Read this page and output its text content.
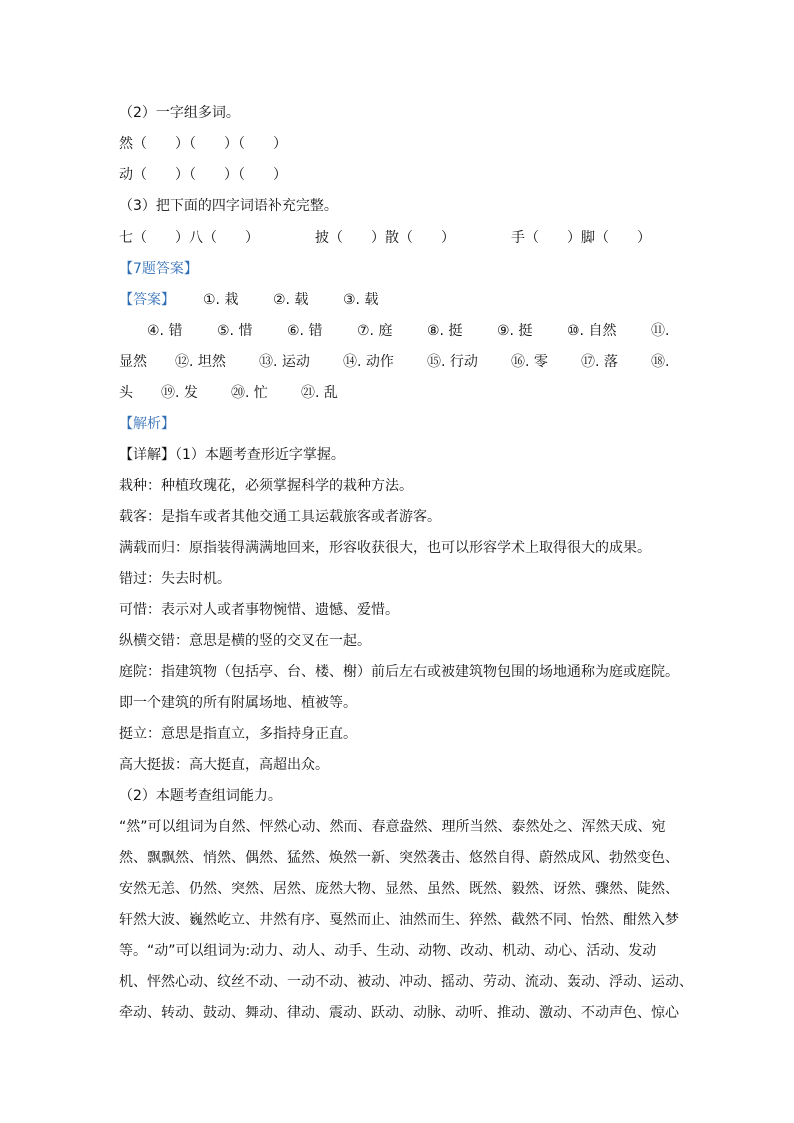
（2）一字组多词。
然（　　）（　　）（　　）
动（　　）（　　）（　　）
（3）把下面的四字词语补充完整。
七（　　）八（　　）	披（　　）散（　　）	手（　　）脚（　　）
【7题答案】
【答案】 ①. 栽 ②. 载 ③. 载
④. 错 ⑤. 惜 ⑥. 错 ⑦. 庭 ⑧. 挺 ⑨. 挺 ⑩. 自然 ⑪.
显然 ⑫. 坦然 ⑬. 运动 ⑭. 动作 ⑮. 行动 ⑯. 零 ⑰. 落 ⑱.
头 ⑲. 发 ⑳. 忙 ㉑. 乱
【解析】
【详解】（1）本题考查形近字掌握。
栽种：种植玫瑰花，必须掌握科学的栽种方法。
载客：是指车或者其他交通工具运载旅客或者游客。
满载而归：原指装得满满地回来，形容收获很大，也可以形容学术上取得很大的成果。
错过：失去时机。
可惜：表示对人或者事物惋惜、遗憾、爱惜。
纵横交错：意思是横的竖的交叉在一起。
庭院：指建筑物（包括亭、台、楼、榭）前后左右或被建筑物包围的场地通称为庭或庭院。
即一个建筑的所有附属场地、植被等。
挺立：意思是指直立，多指持身正直。
高大挺拔：高大挺直，高超出众。
（2）本题考查组词能力。
“然”可以组词为自然、怦然心动、然而、春意盎然、理所当然、泰然处之、浑然天成、宛
然、飘飘然、悄然、偶然、猛然、焕然一新、突然袭击、悠然自得、蔚然成风、勃然变色、
安然无恙、仍然、突然、居然、庞然大物、显然、虽然、既然、毅然、讶然、骤然、陡然、
轩然大波、巍然屹立、井然有序、戛然而止、油然而生、猝然、截然不同、怡然、酣然入梦
等。“动”可以组词为:动力、动人、动手、生动、动物、改动、机动、动心、活动、发动
机、怦然心动、纹丝不动、一动不动、被动、冲动、摇动、劳动、流动、轰动、浮动、运动、
牵动、转动、鼓动、舞动、律动、震动、跃动、动脉、动听、推动、激动、不动声色、惊心
